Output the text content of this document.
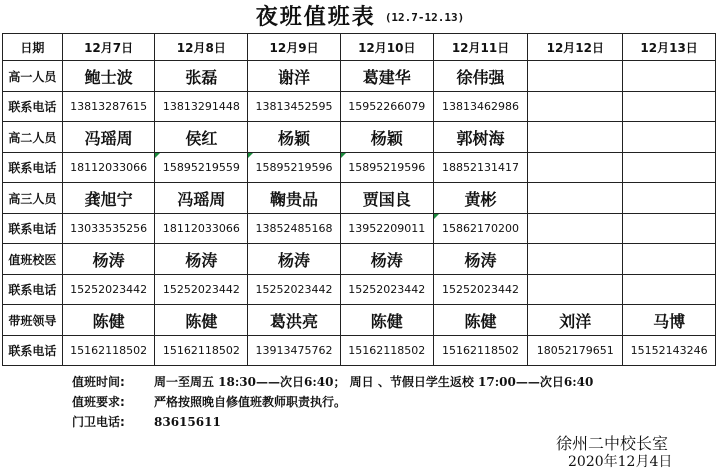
夜班值班表 (12.7-12.13)
日期	12月7日	12月8日	12月9日	12月10日	12月11日	12月12日	12月13日
高一人员	鲍士波	张磊	谢洋	葛建华	徐伟强		
联系电话	13813287615	13813291448	13813452595	15952266079	13813462986		
高二人员	冯瑶周	侯红	杨颖	杨颖	郭树海		
联系电话	18112033066	15895219559	15895219596	15895219596	18852131417		
高三人员	龚旭宁	冯瑶周	鞠贵品	贾国良	黄彬		
联系电话	13033535256	18112033066	13852485168	13952209011	15862170200		
值班校医	杨涛	杨涛	杨涛	杨涛	杨涛		
联系电话	15252023442	15252023442	15252023442	15252023442	15252023442		
带班领导	陈健	陈健	葛洪亮	陈健	陈健	刘洋	马博
联系电话	15162118502	15162118502	13913475762	15162118502	15162118502	18052179651	15152143246
值班时间: 周一至周五 18:30——次日6:40； 周日 、节假日学生返校 17:00——次日6:40
值班要求: 严格按照晚自修值班教师职责执行。
门卫电话: 83615611
徐州二中校长室
2020年12月4日
